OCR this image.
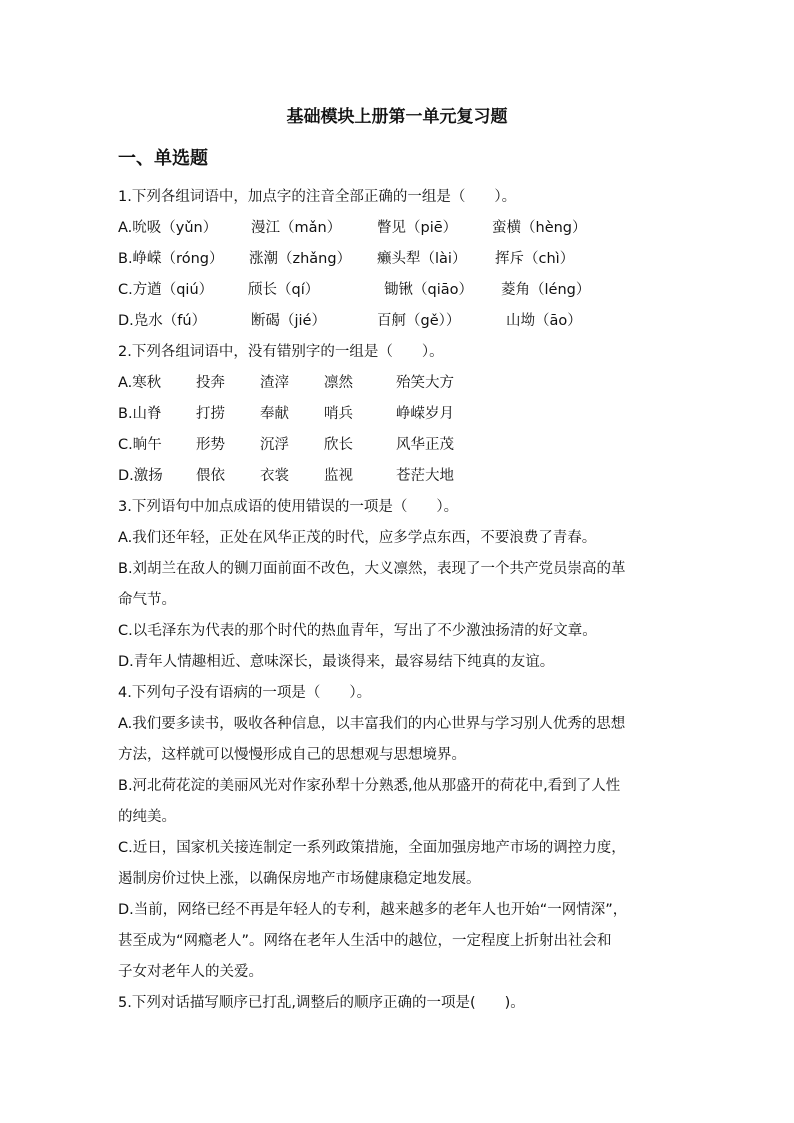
基础模块上册第一单元复习题
一、单选题
1.下列各组词语中，加点字的注音全部正确的一组是（　　）。
A.吮吸（yǔn）	漫江（mǎn）	瞥见（piē）	蛮横（hèng）
B.峥嵘（róng）	涨潮（zhǎng）	癞头犁（lài）	挥斥（chì）
C.方遒（qiú）	颀长（qí）	锄锹（qiāo）	菱角（léng）
D.凫水（fú）	断碣（jié）	百舸（gě））	山坳（āo）
2.下列各组词语中，没有错别字的一组是（　　）。
A.寒秋	投奔	渣滓	凛然	殆笑大方
B.山脊	打捞	奉献	哨兵	峥嵘岁月
C.晌午	形势	沉浮	欣长	风华正茂
D.激扬	偎依	衣裳	监视	苍茫大地
3.下列语句中加点成语的使用错误的一项是（　　）。
A.我们还年轻，正处在风华正茂的时代，应多学点东西，不要浪费了青春。
B.刘胡兰在敌人的铡刀面前面不改色，大义凛然，表现了一个共产党员崇高的革
命气节。
C.以毛泽东为代表的那个时代的热血青年，写出了不少激浊扬清的好文章。
D.青年人情趣相近、意味深长，最谈得来，最容易结下纯真的友谊。
4.下列句子没有语病的一项是（　　）。
A.我们要多读书，吸收各种信息，以丰富我们的内心世界与学习别人优秀的思想
方法，这样就可以慢慢形成自己的思想观与思想境界。
B.河北荷花淀的美丽风光对作家孙犁十分熟悉,他从那盛开的荷花中,看到了人性
的纯美。
C.近日，国家机关接连制定一系列政策措施，全面加强房地产市场的调控力度，
遏制房价过快上涨，以确保房地产市场健康稳定地发展。
D.当前，网络已经不再是年轻人的专利，越来越多的老年人也开始“一网情深”，
甚至成为“网瘾老人”。网络在老年人生活中的越位，一定程度上折射出社会和
子女对老年人的关爱。
5.下列对话描写顺序已打乱,调整后的顺序正确的一项是(　　)。
